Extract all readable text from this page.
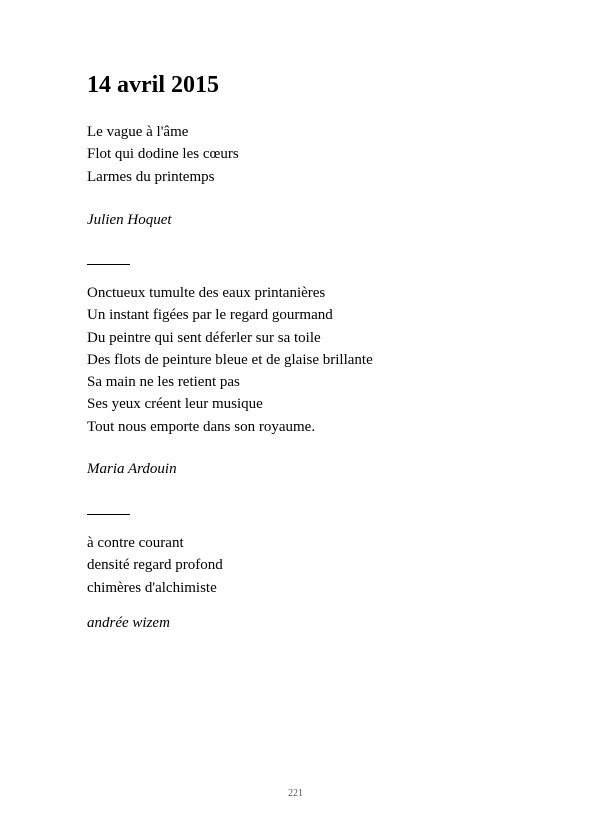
14 avril 2015
Le vague à l'âme
Flot qui dodine les cœurs
Larmes du printemps
Julien Hoquet
Onctueux tumulte des eaux printanières
Un instant figées par le regard gourmand
Du peintre qui sent déferler sur sa toile
Des flots de peinture bleue et de glaise brillante
Sa main ne les retient pas
Ses yeux créent leur musique
Tout nous emporte dans son royaume.
Maria Ardouin
à contre courant
densité regard profond
chimères d'alchimiste
andrée wizem
221
